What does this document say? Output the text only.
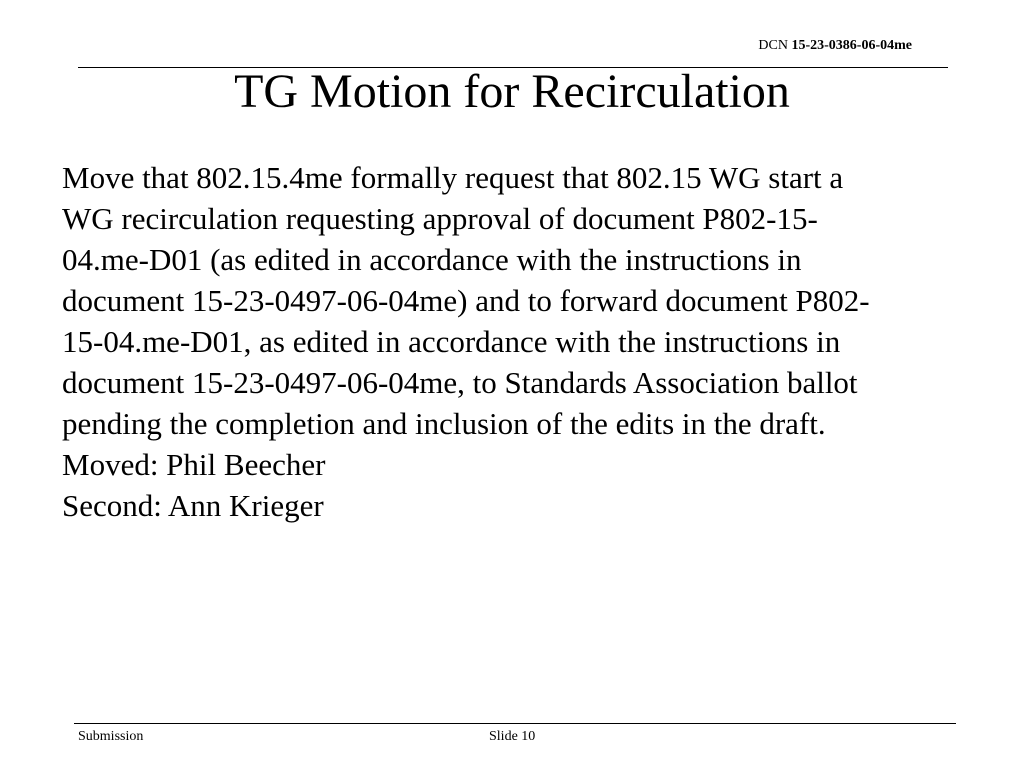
DCN 15-23-0386-06-04me
TG Motion for Recirculation

Move that 802.15.4me formally request that 802.15 WG start a

WG recirculation requesting approval of document P802-15-

04.me-D01 (as edited in accordance with the instructions in

document 15-23-0497-06-04me) and to forward document P802-

15-04.me-D01, as edited in accordance with the instructions in

document 15-23-0497-06-04me, to Standards Association ballot

pending the completion and inclusion of the edits in the draft.

Moved: Phil Beecher

Second: Ann Krieger

Submission	Slide 10
